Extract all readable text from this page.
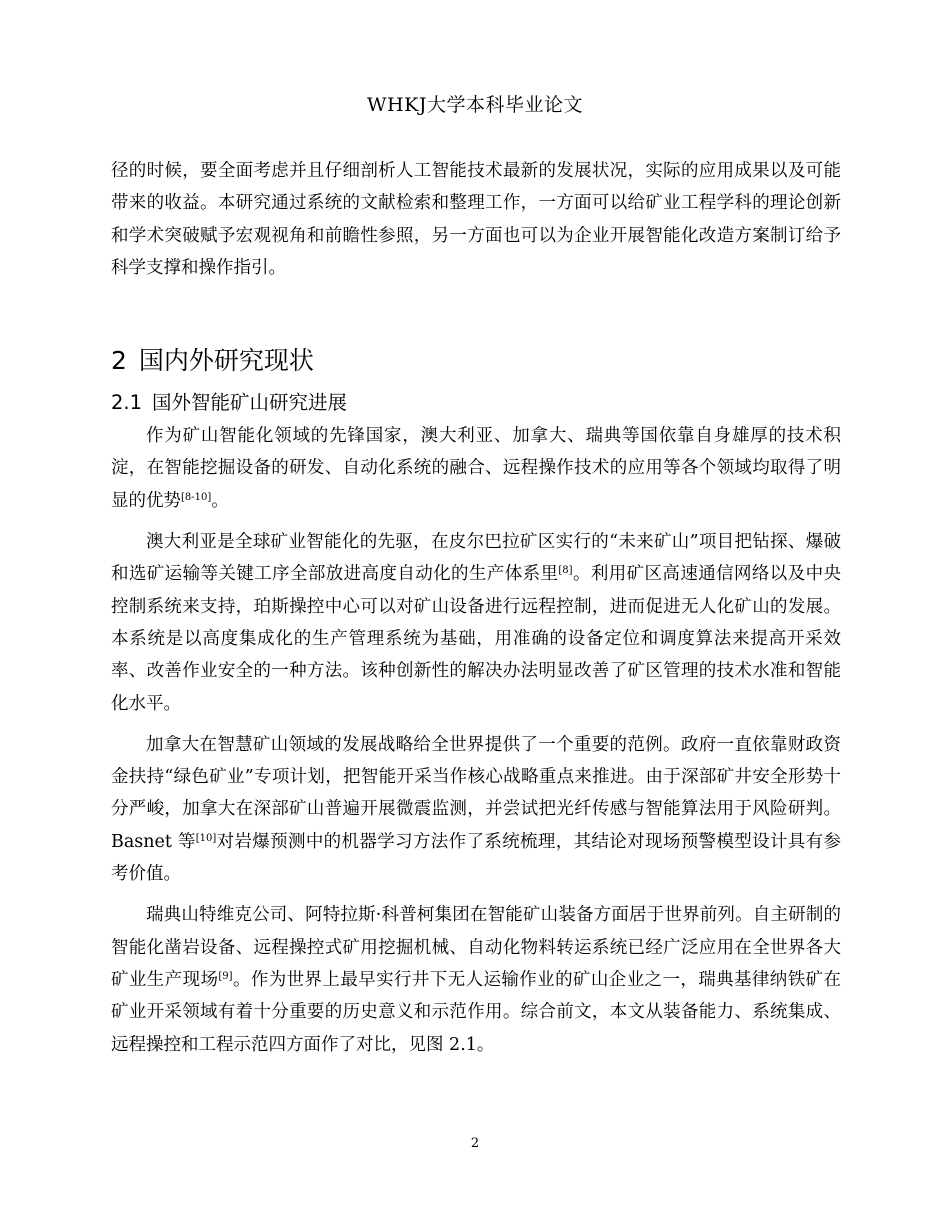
WHKJ大学本科毕业论文

径的时候，要全面考虑并且仔细剖析人工智能技术最新的发展状况，实际的应用成果以及可能带来的收益。本研究通过系统的文献检索和整理工作，一方面可以给矿业工程学科的理论创新和学术突破赋予宏观视角和前瞻性参照，另一方面也可以为企业开展智能化改造方案制订给予科学支撑和操作指引。

2 国内外研究现状
2.1 国外智能矿山研究进展

作为矿山智能化领域的先锋国家，澳大利亚、加拿大、瑞典等国依靠自身雄厚的技术积淀，在智能挖掘设备的研发、自动化系统的融合、远程操作技术的应用等各个领域均取得了明显的优势[8-10]。

澳大利亚是全球矿业智能化的先驱，在皮尔巴拉矿区实行的“未来矿山”项目把钻探、爆破和选矿运输等关键工序全部放进高度自动化的生产体系里[8]。利用矿区高速通信网络以及中央控制系统来支持，珀斯操控中心可以对矿山设备进行远程控制，进而促进无人化矿山的发展。本系统是以高度集成化的生产管理系统为基础，用准确的设备定位和调度算法来提高开采效率、改善作业安全的一种方法。该种创新性的解决办法明显改善了矿区管理的技术水准和智能化水平。

加拿大在智慧矿山领域的发展战略给全世界提供了一个重要的范例。政府一直依靠财政资金扶持“绿色矿业”专项计划，把智能开采当作核心战略重点来推进。由于深部矿井安全形势十分严峻，加拿大在深部矿山普遍开展微震监测，并尝试把光纤传感与智能算法用于风险研判。Basnet 等[10]对岩爆预测中的机器学习方法作了系统梳理，其结论对现场预警模型设计具有参考价值。

瑞典山特维克公司、阿特拉斯·科普柯集团在智能矿山装备方面居于世界前列。自主研制的智能化凿岩设备、远程操控式矿用挖掘机械、自动化物料转运系统已经广泛应用在全世界各大矿业生产现场[9]。作为世界上最早实行井下无人运输作业的矿山企业之一，瑞典基律纳铁矿在矿业开采领域有着十分重要的历史意义和示范作用。综合前文，本文从装备能力、系统集成、远程操控和工程示范四方面作了对比，见图 2.1。

2
